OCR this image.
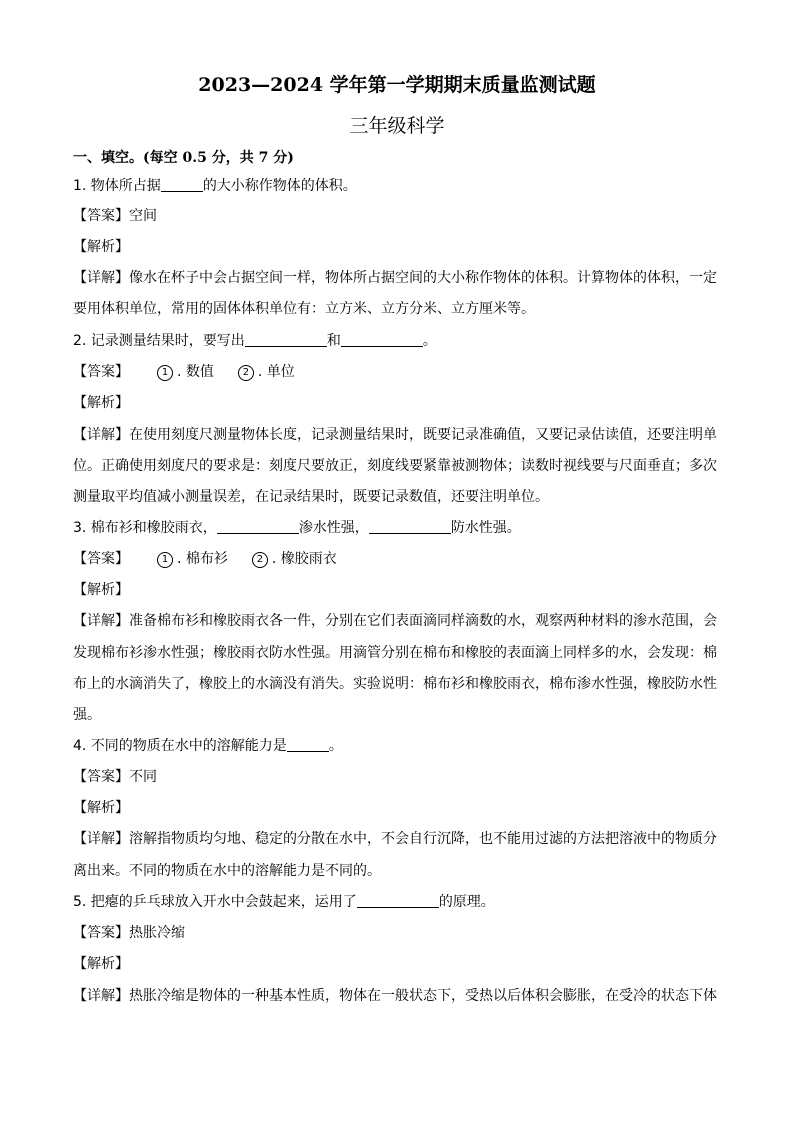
2023—2024 学年第一学期期末质量监测试题
三年级科学
一、填空。(每空 0.5 分，共 7 分)
1. 物体所占据	的大小称作物体的体积。
【答案】空间
【解析】
【详解】像水在杯子中会占据空间一样，物体所占据空间的大小称作物体的体积。计算物体的体积，一定
要用体积单位，常用的固体体积单位有：立方米、立方分米、立方厘米等。
2. 记录测量结果时，要写出	和	。
【答案】	1 . 数值	2 . 单位
【解析】
【详解】在使用刻度尺测量物体长度，记录测量结果时，既要记录准确值，又要记录估读值，还要注明单
位。正确使用刻度尺的要求是：刻度尺要放正，刻度线要紧靠被测物体；读数时视线要与尺面垂直；多次
测量取平均值减小测量误差，在记录结果时，既要记录数值，还要注明单位。
3. 棉布衫和橡胶雨衣，	渗水性强，	防水性强。
【答案】	1 . 棉布衫	2 . 橡胶雨衣
【解析】
【详解】准备棉布衫和橡胶雨衣各一件，分别在它们表面滴同样滴数的水，观察两种材料的渗水范围，会
发现棉布衫渗水性强；橡胶雨衣防水性强。用滴管分别在棉布和橡胶的表面滴上同样多的水，会发现：棉
布上的水滴消失了，橡胶上的水滴没有消失。实验说明：棉布衫和橡胶雨衣，棉布渗水性强，橡胶防水性
强。
4. 不同的物质在水中的溶解能力是	。
【答案】不同
【解析】
【详解】溶解指物质均匀地、稳定的分散在水中，不会自行沉降，也不能用过滤的方法把溶液中的物质分
离出来。不同的物质在水中的溶解能力是不同的。
5. 把瘪的乒乓球放入开水中会鼓起来，运用了	的原理。
【答案】热胀冷缩
【解析】
【详解】热胀冷缩是物体的一种基本性质，物体在一般状态下，受热以后体积会膨胀，在受冷的状态下体
